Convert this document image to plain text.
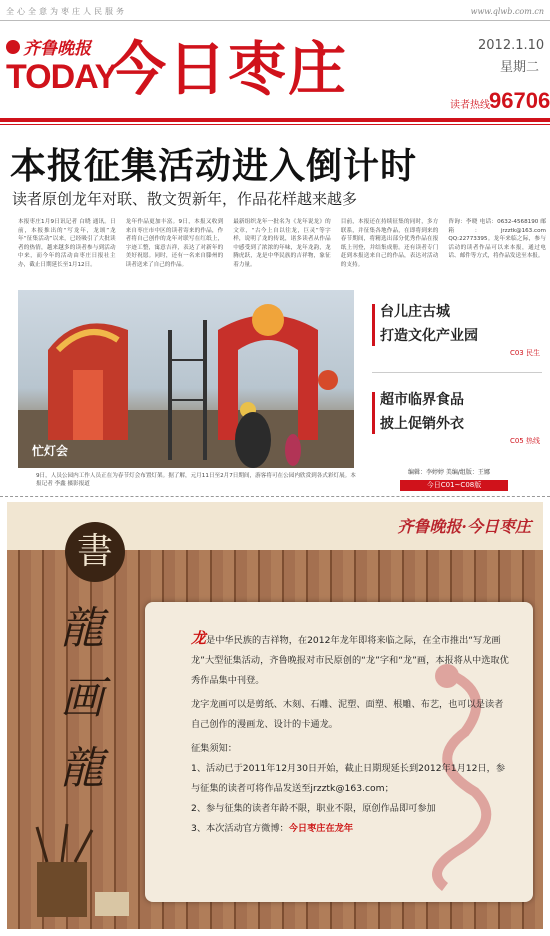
全心全意为枣庄人民服务	www.qlwb.com.cn
齐鲁晚报
TODAY
今日枣庄	2012.1.10
星期二
读者热线 96706
本报征集活动进入倒计时
读者原创龙年对联、散文贺新年，作品花样越来越多
本报枣庄1月9日讯记者 白晓 通讯。日前，本报推出的“写龙年，龙颂”龙年“征集活动”以来，已经吸引了大批读者的热情，越来越多的读者参与到活动中来，而今年的活动由枣庄日报社主办，截止日期延长至1月12日。
龙年作品更加丰富。9日，本报又收到来自枣庄市中区的读者寄来的作品，作者将自己创作的龙年对联写在红纸上，字迹工整，寓意吉祥，表达了对新年的美好祝愿。同时，还有一名来自滕州的读者送来了自己的作品。
最新组织龙年一批名为《龙年说龙》的文章，“古今上自以往龙，巨灵”等字样，说明了龙的传说，诸多读者从作品中感受到了浓浓的年味，龙年龙韵，龙腾虎跃，龙是中华民族的吉祥物，象征着力量。
目前，本报还在持续征集的同时，多方联系，并征集各地作品，在即将到来的春节期间，将精选出部分优秀作品在报纸上刊登，并结集成册。还有读者专门赶到本报送来自己的作品，表达对活动的支持。
咨询：李晓 电话：0632-4568190 邮箱：jrzztk@163.com QQ:22773395。龙年来临之际，参与活动的读者作品可以来本报，通过电话、邮件等方式，将作品发送至本报。
忙灯会
9日，人员公园内工作人员正在为春节灯会布置灯架。据了解，元月11日至2月7日期间，游客将可在公园内欣赏到各式彩灯展。本报记者 李鑫 摄影报道
台儿庄古城
打造文化产业园
C03 民生
超市临界食品
披上促销外衣
C05 热线
编辑：李婷婷 美编/组版：王娜
今日C01~C08版
齐鲁晚报·今日枣庄
書
龍
画
龍

龙是中华民族的吉祥物，在2012年龙年即将来临之际，在全市推出“写龙画龙”大型征集活动，齐鲁晚报对市民原创的“龙”字和“龙”画，本报将从中选取优秀作品集中刊登。

龙字龙画可以是剪纸、木刻、石雕、泥塑、面塑、根雕、布艺，也可以是读者自己创作的漫画龙、设计的卡通龙。

征集须知：

1、活动已于2011年12月30日开始，截止日期现延长到2012年1月12日，参与征集的读者可将作品发送至jrzztk@163.com；

2、参与征集的读者年龄不限，职业不限，原创作品即可参加

3、本次活动官方微博：今日枣庄在龙年
